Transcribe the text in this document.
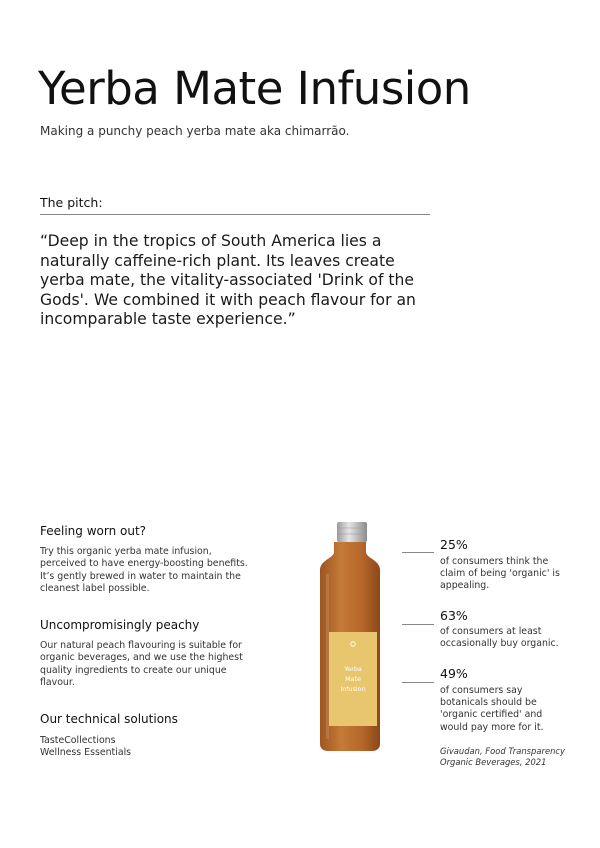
Yerba Mate Infusion

Making a punchy peach yerba mate aka chimarrão.

The pitch:

“Deep in the tropics of South America lies a naturally caffeine-rich plant. Its leaves create yerba mate, the vitality-associated 'Drink of the Gods'. We combined it with peach flavour for an incomparable taste experience.”

Feeling worn out?

Try this organic yerba mate infusion, perceived to have energy-boosting benefits. It’s gently brewed in water to maintain the cleanest label possible.

Uncompromisingly peachy

Our natural peach flavouring is suitable for organic beverages, and we use the highest quality ingredients to create our unique flavour.

Our technical solutions

TasteCollections
Wellness Essentials
Yerba
Mate
Infusion

25%

of consumers think the claim of being 'organic' is appealing.

63%

of consumers at least occasionally buy organic.

49%

of consumers say botanicals should be 'organic certified' and would pay more for it.

Givaudan, Food Transparency
Organic Beverages, 2021
